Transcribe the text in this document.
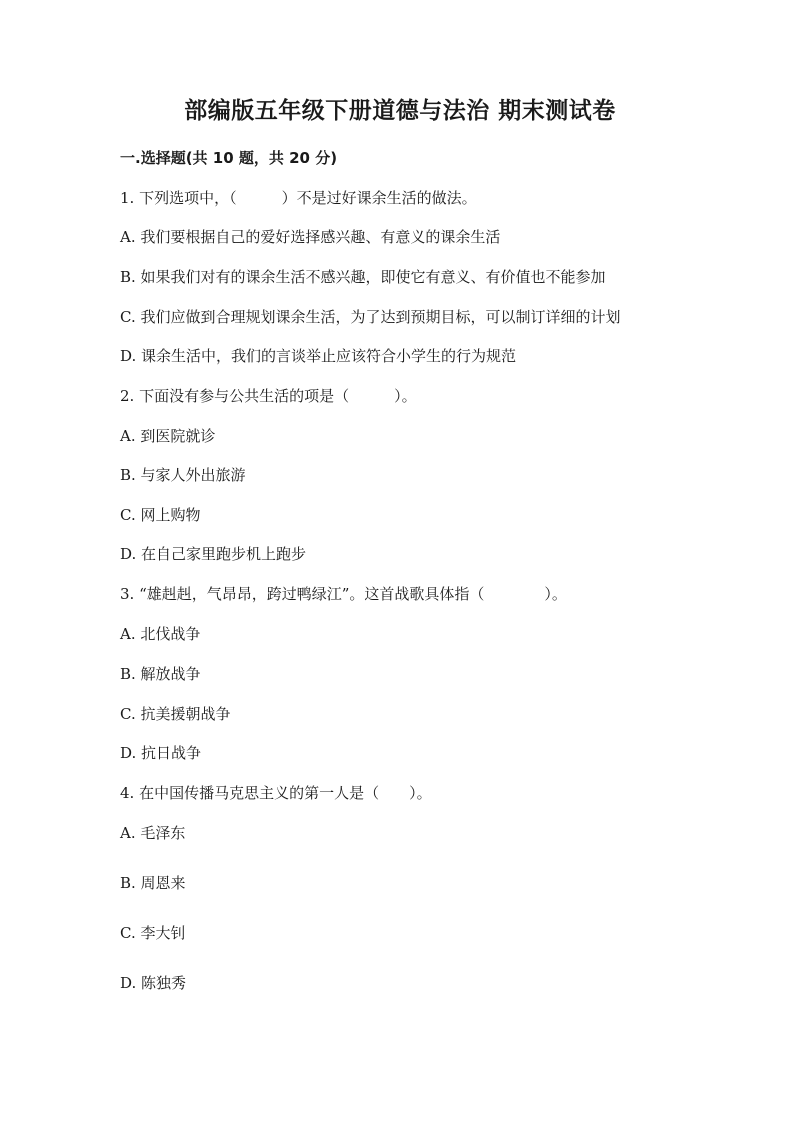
部编版五年级下册道德与法治 期末测试卷
一.选择题(共 10 题，共 20 分)
1. 下列选项中，（　　　）不是过好课余生活的做法。
A. 我们要根据自己的爱好选择感兴趣、有意义的课余生活
B. 如果我们对有的课余生活不感兴趣，即使它有意义、有价值也不能参加
C. 我们应做到合理规划课余生活，为了达到预期目标，可以制订详细的计划
D. 课余生活中，我们的言谈举止应该符合小学生的行为规范
2. 下面没有参与公共生活的项是（　　　）。
A. 到医院就诊
B. 与家人外出旅游
C. 网上购物
D. 在自己家里跑步机上跑步
3. “雄赳赳，气昂昂，跨过鸭绿江”。这首战歌具体指（　　　　）。
A. 北伐战争
B. 解放战争
C. 抗美援朝战争
D. 抗日战争
4. 在中国传播马克思主义的第一人是（　　）。
A. 毛泽东
B. 周恩来
C. 李大钊
D. 陈独秀
